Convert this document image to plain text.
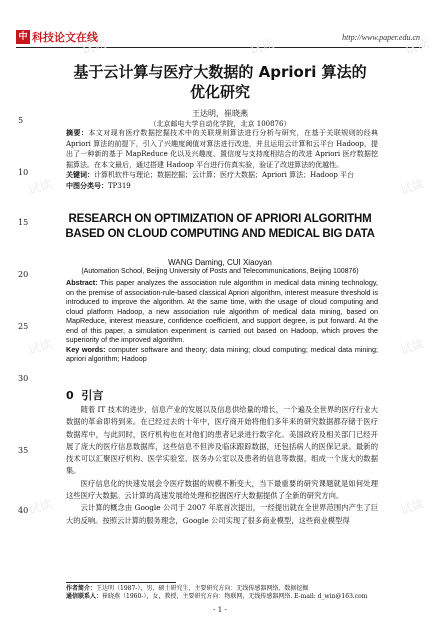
中国
科技论文在线	http://www.paper.edu.cn
试读	试读	试读
试读	试读
试读	试读
试读	试读
5
10
15
20
25
30
35
40
基于云计算与医疗大数据的 Apriori 算法的优化研究
王达明，崔晓燕
（北京邮电大学自动化学院，北京 100876）
摘要：本文对现有医疗数据挖掘技术中的关联规则算法进行分析与研究，在基于关联规则的经典 Apriori 算法的前提下，引入了兴趣度阈值对算法进行改进，并且运用云计算和云平台 Hadoop，提出了一种新的基于 MapReduce 化以及兴趣度、置信度与支持度相结合的改进 Apriori 医疗数据挖掘算法。在本文最后，通过搭建 Hadoop 平台进行仿真实验，验证了改进算法的优越性。
关键词：计算机软件与理论；数据挖掘；云计算；医疗大数据；Apriori 算法；Hadoop 平台
中图分类号：TP319
RESEARCH ON OPTIMIZATION OF APRIORI ALGORITHM BASED ON CLOUD COMPUTING AND MEDICAL BIG DATA
WANG Daming, CUI Xiaoyan
(Automation School, Beijing University of Posts and Telecommunications, Beijing 100876)
Abstract: This paper analyzes the association rule algorithm in medical data mining technology, on the premise of association-rule-based classical Apriori algorithm, interest measure threshold is introduced to improve the algorithm. At the same time, with the usage of cloud computing and cloud platform Hadoop, a new association rule algorithm of medical data mining, based on MapReduce, interest measure, confidence coefficient, and support degree, is put forward. At the end of this paper, a simulation experiment is carried out based on Hadoop, which proves the superiority of the improved algorithm.
Key words: computer software and theory; data mining; cloud computing; medical data mining; apriori algorithm; Hadoop
0 引言

随着 IT 技术的进步，信息产业的发展以及信息供给量的增长，一个遍及全世界的医疗行业大数据的革命即将到来。在已经过去的十年中，医疗商开始将他们多年来的研究数据都存储于医疗数据库中，与此同时，医疗机构也在对他们的患者记录进行数字化。美国政府及相关部门已经开展了庞大的医疗信息数据库，这些信息不但涉及临床跟踪数据，还包括病人的医保记录。最新的技术可以汇聚医疗机构、医学实验室、医务办公室以及患者的信息等数据，组成一个庞大的数据集。

医疗信息化的快速发展会令医疗数据的规模不断变大，当下最重要的研究课题就是如何处理这些医疗大数据。云计算的高速发展给处理和挖掘医疗大数据提供了全新的研究方向。

云计算的概念由 Google 公司于 2007 年底首次提出，一经提出就在全世界范围内产生了巨大的反响。按照云计算的服务理念，Google 公司实现了很多商业模型，这些商业模型得

作者简介：王达明（1987-），男，硕士研究生，主要研究方向：无线传感器网络、数据挖掘
通信联系人：崔晓燕（1960-），女，教授，主要研究方向：物联网，无线传感器网络. E-mail: d_win@163.com
- 1 -
